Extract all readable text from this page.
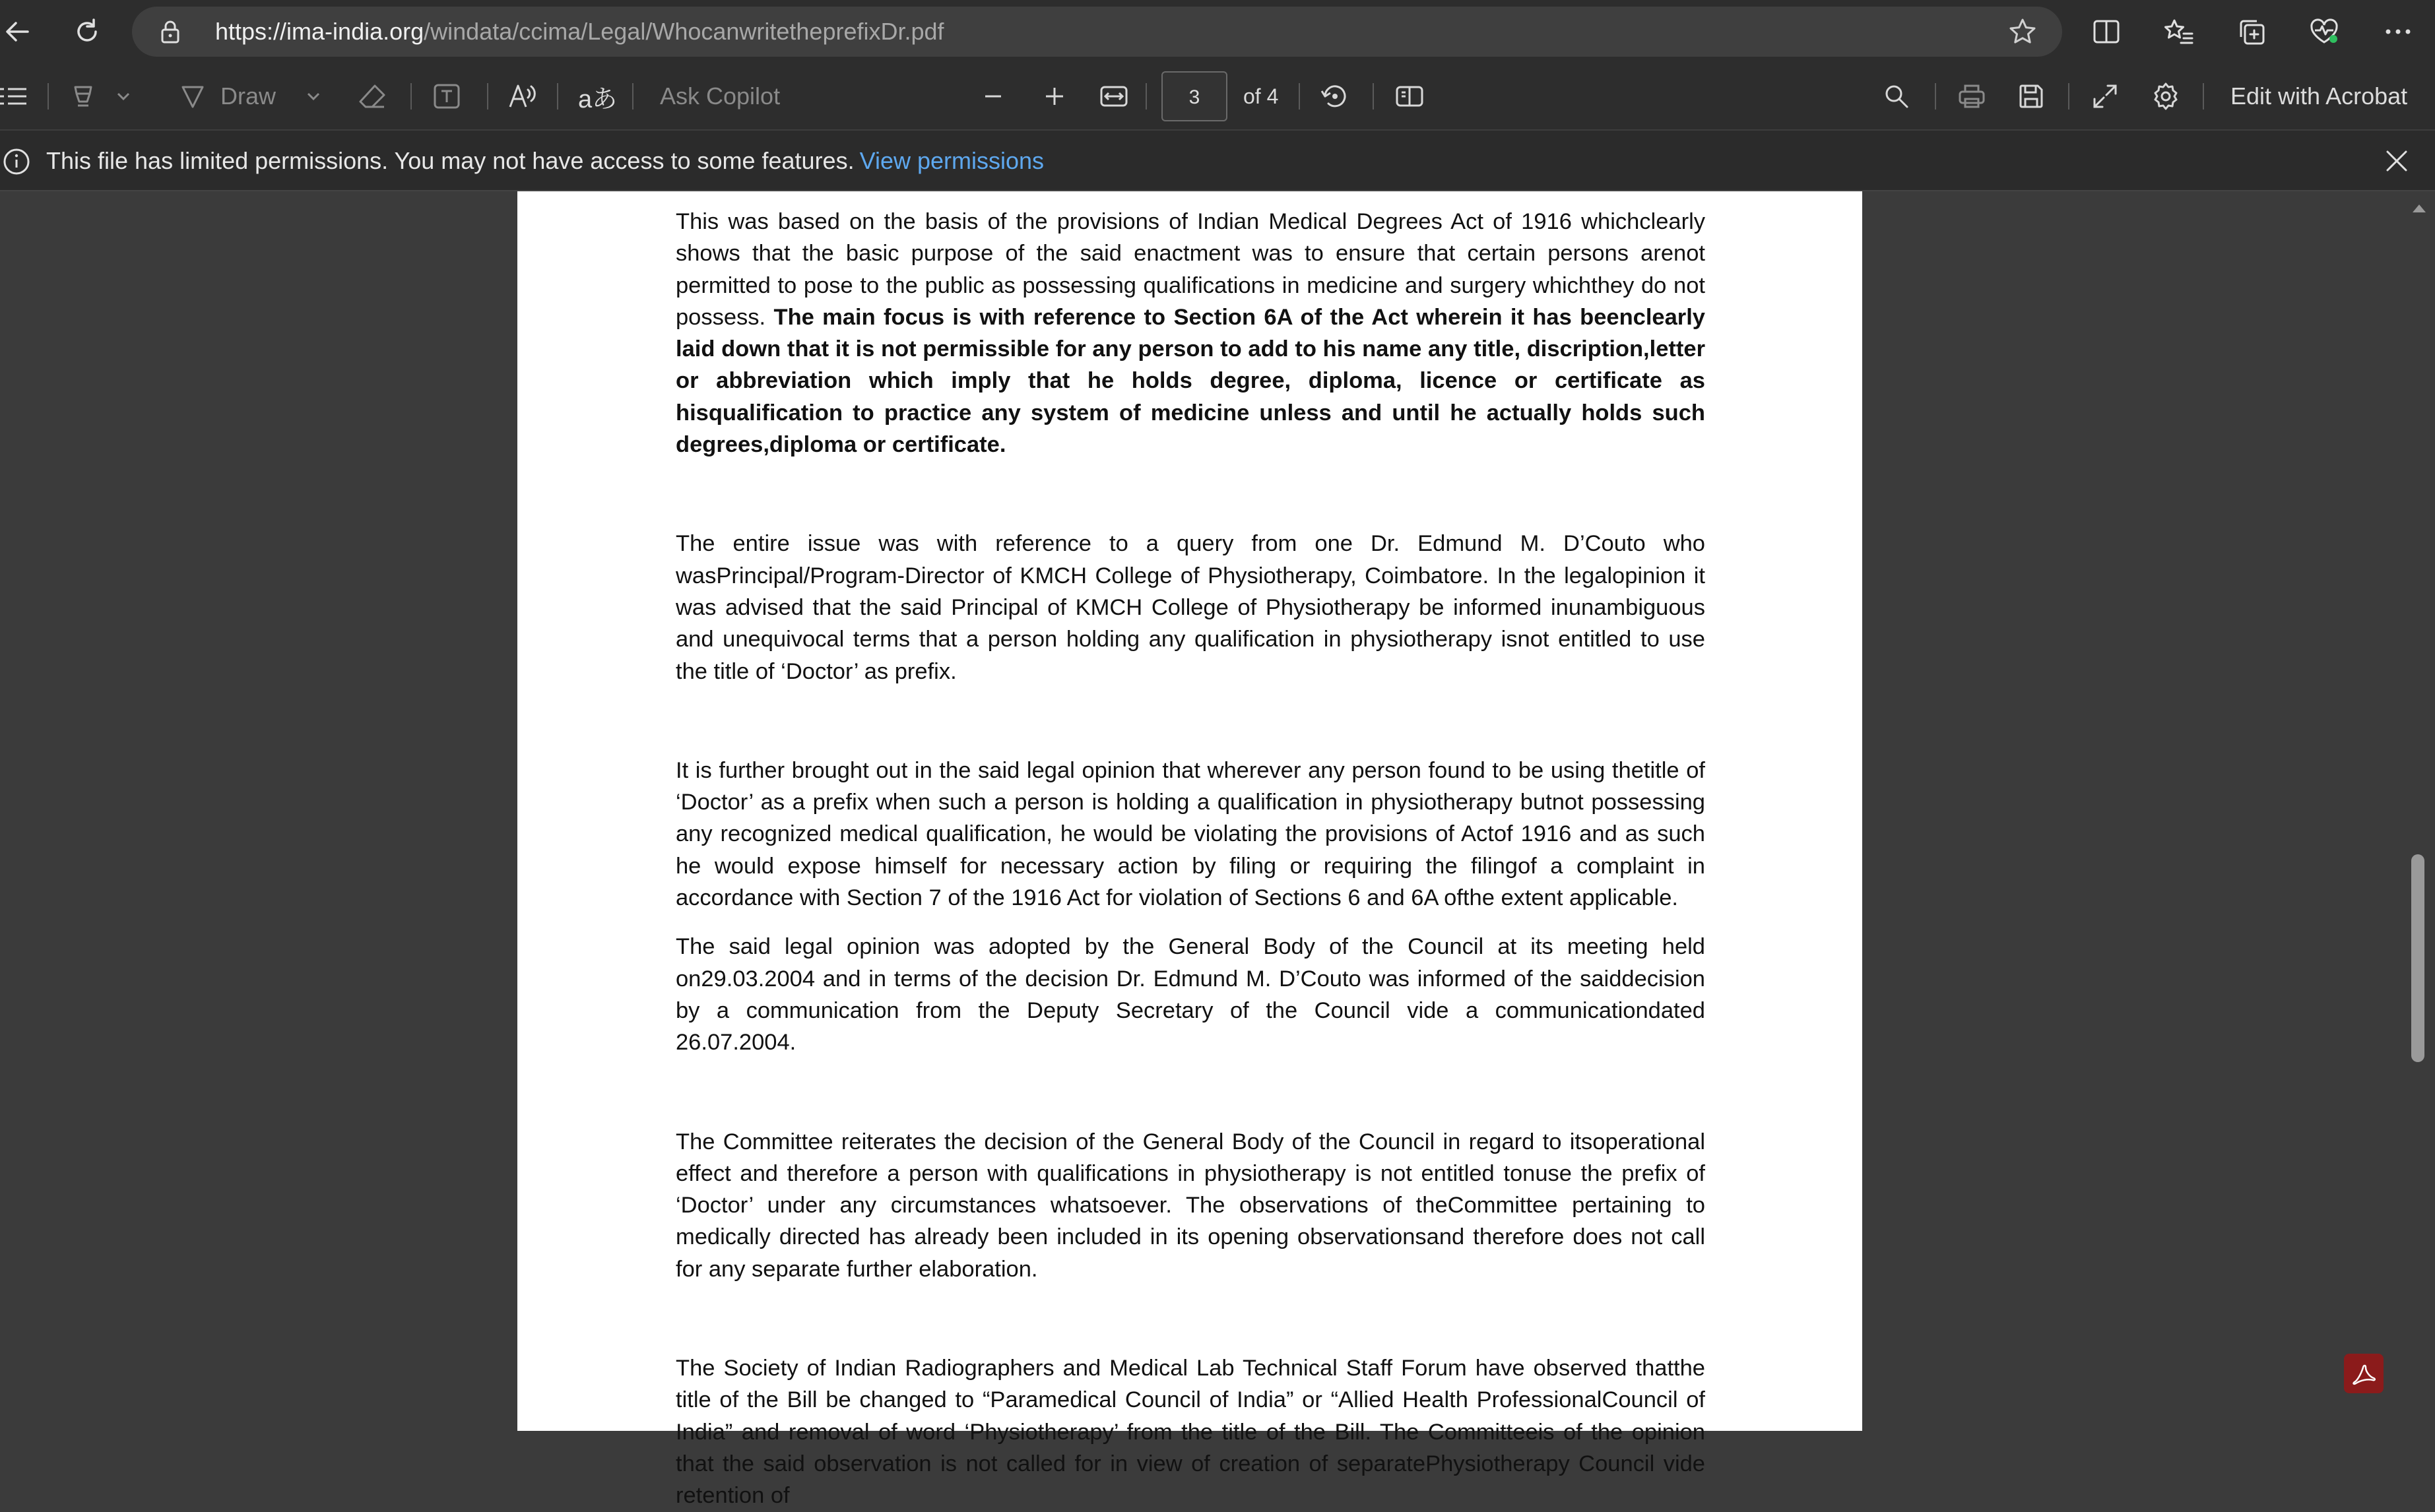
https://ima-india.org/windata/ccima/Legal/WhocanwritetheprefixDr.pdf
Draw	aあ Ask Copilot	of 4	Edit with Acrobat
3
This file has limited permissions. You may not have access to some features. View permissions

This was based on the basis of the provisions of Indian Medical Degrees Act of 1916 whichclearly shows that the basic purpose of the said enactment was to ensure that certain persons arenot permitted to pose to the public as possessing qualifications in medicine and surgery whichthey do not possess. The main focus is with reference to Section 6A of the Act wherein it has beenclearly laid down that it is not permissible for any person to add to his name any title, discription,letter or abbreviation which imply that he holds degree, diploma, licence or certificate as hisqualification to practice any system of medicine unless and until he actually holds such degrees,diploma or certificate.

The entire issue was with reference to a query from one Dr. Edmund M. D’Couto who wasPrincipal/Program-Director of KMCH College of Physiotherapy, Coimbatore. In the legalopinion it was advised that the said Principal of KMCH College of Physiotherapy be informed inunambiguous and unequivocal terms that a person holding any qualification in physiotherapy isnot entitled to use the title of ‘Doctor’ as prefix.

It is further brought out in the said legal opinion that wherever any person found to be using thetitle of ‘Doctor’ as a prefix when such a person is holding a qualification in physiotherapy butnot possessing any recognized medical qualification, he would be violating the provisions of Actof 1916 and as such he would expose himself for necessary action by filing or requiring the filingof a complaint in accordance with Section 7 of the 1916 Act for violation of Sections 6 and 6A ofthe extent applicable.

The said legal opinion was adopted by the General Body of the Council at its meeting held on29.03.2004 and in terms of the decision Dr. Edmund M. D’Couto was informed of the saiddecision by a communication from the Deputy Secretary of the Council vide a communicationdated 26.07.2004.

The Committee reiterates the decision of the General Body of the Council in regard to itsoperational effect and therefore a person with qualifications in physiotherapy is not entitled tonuse the prefix of ‘Doctor’ under any circumstances whatsoever. The observations of theCommittee pertaining to medically directed has already been included in its opening observationsand therefore does not call for any separate further elaboration.

The Society of Indian Radiographers and Medical Lab Technical Staff Forum have observed thatthe title of the Bill be changed to “Paramedical Council of India” or “Allied Health ProfessionalCouncil of India” and removal of word ‘Physiotherapy’ from the title of the Bill. The Committeeis of the opinion that the said observation is not called for in view of creation of separatePhysiotherapy Council vide retention of
